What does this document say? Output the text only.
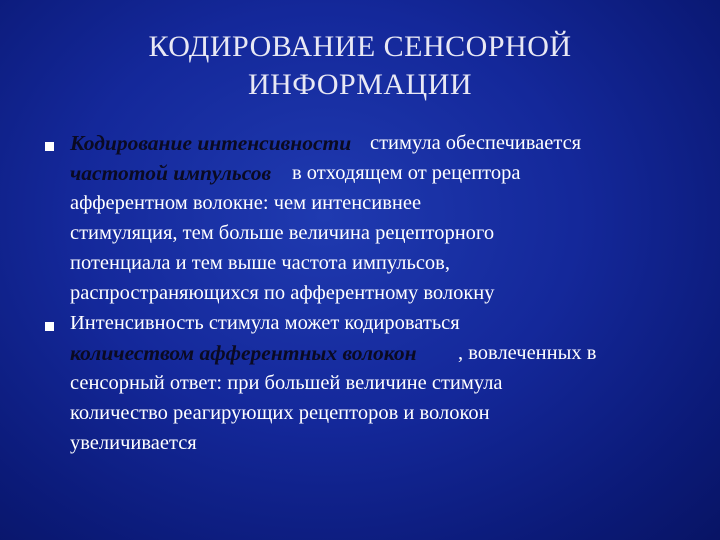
КОДИРОВАНИЕ СЕНСОРНОЙ
ИНФОРМАЦИИ
стимула обеспечивается
Кодирование интенсивности

в отходящем от рецептора
частотой импульсов
афферентном волокне: чем интенсивнее
стимуляция, тем больше величина рецепторного
потенциала и тем выше частота импульсов,
распространяющихся по афферентному волокну
Интенсивность стимула может кодироваться

, вовлеченных в
количеством афферентных волокон
сенсорный ответ: при большей величине стимула
количество реагирующих рецепторов и волокон
увеличивается
